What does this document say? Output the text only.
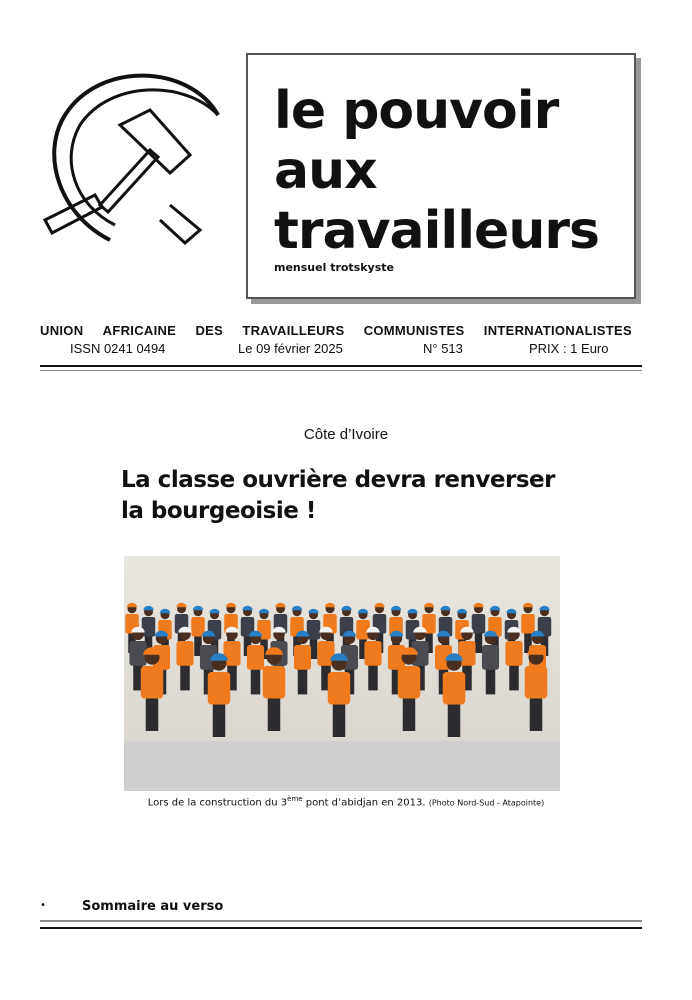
le pouvoir
aux
travailleurs
mensuel trotskyste
UNION AFRICAINE DES TRAVAILLEURS COMMUNISTES INTERNATIONALISTES
ISSN 0241 0494	Le 09 février 2025	N° 513	PRIX : 1 Euro
Côte d’Ivoire
La classe ouvrière devra renverser
la bourgeoisie !
Lors de la construction du 3ème pont d’abidjan en 2013. (Photo Nord-Sud - Atapointe)
•	Sommaire au verso
